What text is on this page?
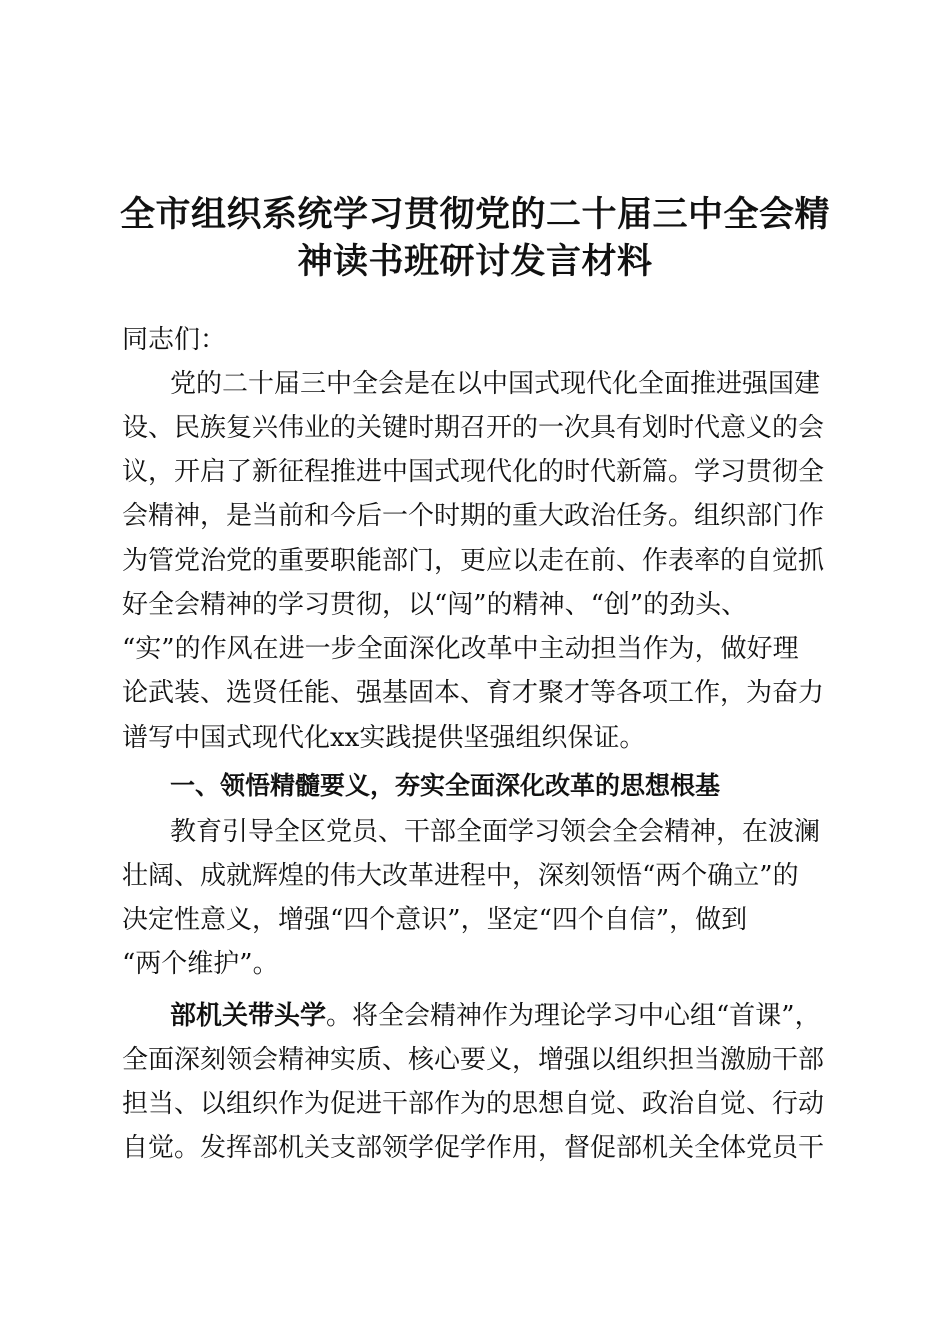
全市组织系统学习贯彻党的二十届三中全会精
神读书班研讨发言材料

同志们：

党的二十届三中全会是在以中国式现代化全面推进强国建

设、民族复兴伟业的关键时期召开的一次具有划时代意义的会

议，开启了新征程推进中国式现代化的时代新篇。学习贯彻全

会精神，是当前和今后一个时期的重大政治任务。组织部门作

为管党治党的重要职能部门，更应以走在前、作表率的自觉抓

好全会精神的学习贯彻，以“闯”的精神、“创”的劲头、

“实”的作风在进一步全面深化改革中主动担当作为，做好理

论武装、选贤任能、强基固本、育才聚才等各项工作，为奋力

谱写中国式现代化xx实践提供坚强组织保证。

一、领悟精髓要义，夯实全面深化改革的思想根基

教育引导全区党员、干部全面学习领会全会精神，在波澜

壮阔、成就辉煌的伟大改革进程中，深刻领悟“两个确立”的

决定性意义，增强“四个意识”，坚定“四个自信”，做到

“两个维护”。

部机关带头学。将全会精神作为理论学习中心组“首课”，

全面深刻领会精神实质、核心要义，增强以组织担当激励干部

担当、以组织作为促进干部作为的思想自觉、政治自觉、行动

自觉。发挥部机关支部领学促学作用，督促部机关全体党员干
